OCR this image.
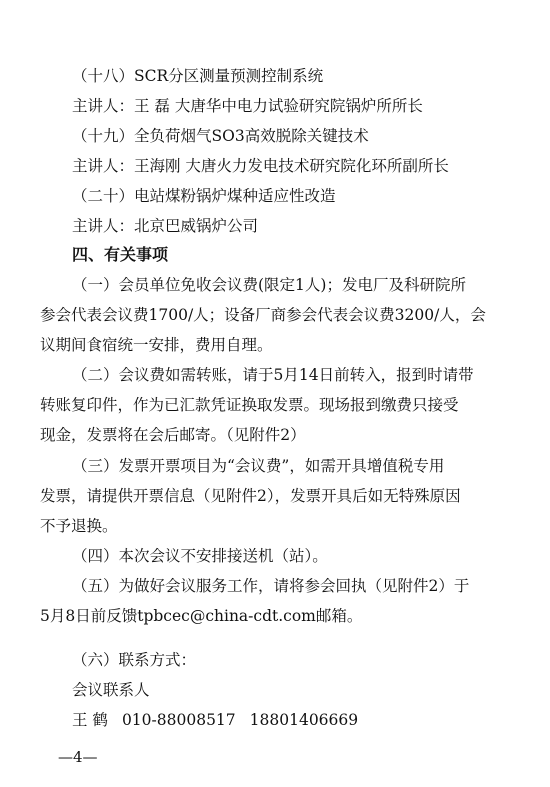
（十八）SCR分区测量预测控制系统
主讲人：王 磊 大唐华中电力试验研究院锅炉所所长
（十九）全负荷烟气SO3高效脱除关键技术
主讲人：王海刚 大唐火力发电技术研究院化环所副所长
（二十）电站煤粉锅炉煤种适应性改造
主讲人：北京巴威锅炉公司
四、有关事项
（一）会员单位免收会议费(限定1人)；发电厂及科研院所
参会代表会议费1700/人；设备厂商参会代表会议费3200/人，会
议期间食宿统一安排，费用自理。
（二）会议费如需转账，请于5月14日前转入，报到时请带
转账复印件，作为已汇款凭证换取发票。现场报到缴费只接受
现金，发票将在会后邮寄。（见附件2）
（三）发票开票项目为“会议费”，如需开具增值税专用
发票，请提供开票信息（见附件2），发票开具后如无特殊原因
不予退换。
（四）本次会议不安排接送机（站）。
（五）为做好会议服务工作，请将参会回执（见附件2）于
5月8日前反馈tpbcec@china-cdt.com邮箱。
（六）联系方式：
会议联系人
王 鹤 010-88008517 18801406669
—4—
